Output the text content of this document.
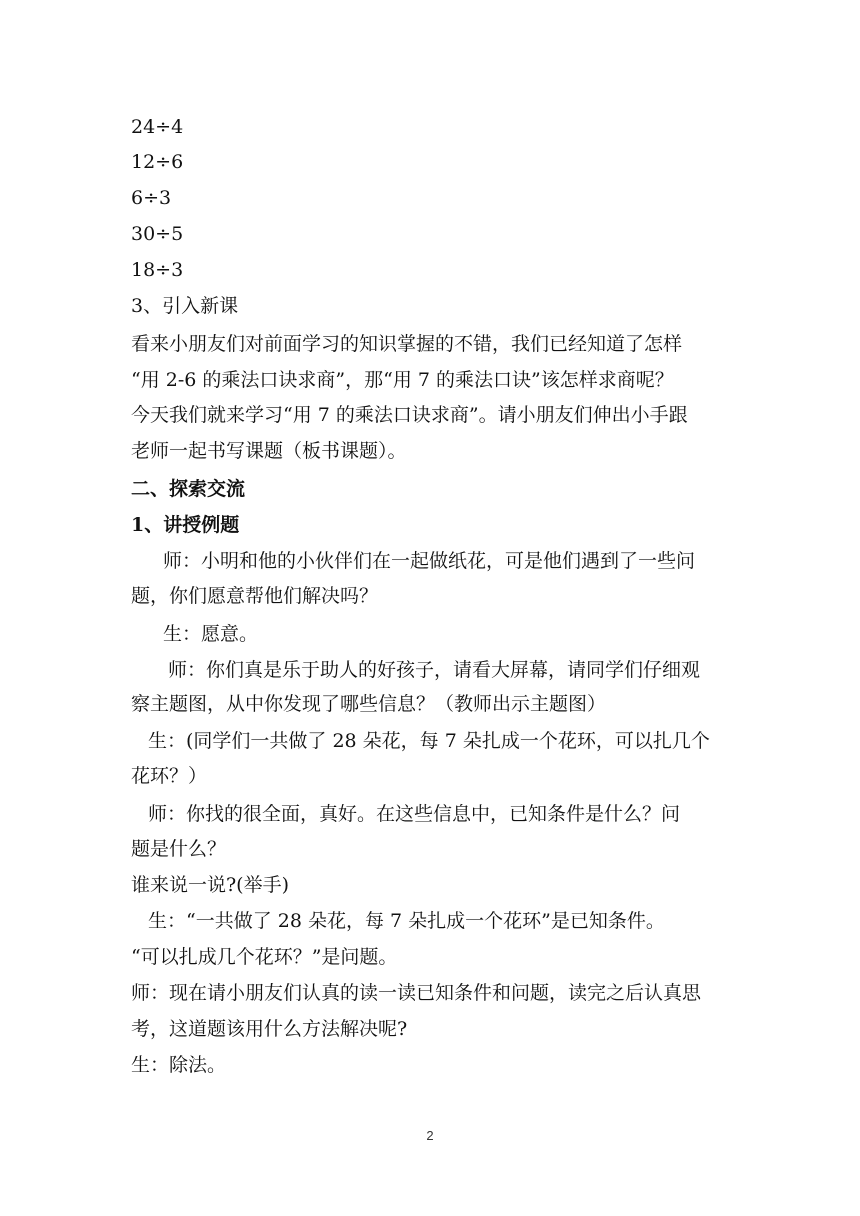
24÷4
12÷6
6÷3
30÷5
18÷3
3、引入新课
看来小朋友们对前面学习的知识掌握的不错，我们已经知道了怎样
“用 2-6 的乘法口诀求商”，那“用 7 的乘法口诀”该怎样求商呢？
今天我们就来学习“用 7 的乘法口诀求商”。请小朋友们伸出小手跟
老师一起书写课题（板书课题）。
二、探索交流
1、讲授例题
师：小明和他的小伙伴们在一起做纸花，可是他们遇到了一些问
题，你们愿意帮他们解决吗？
生：愿意。
师：你们真是乐于助人的好孩子，请看大屏幕，请同学们仔细观
察主题图，从中你发现了哪些信息？（教师出示主题图）
生：(同学们一共做了 28 朵花，每 7 朵扎成一个花环，可以扎几个
花环？）
师：你找的很全面，真好。在这些信息中，已知条件是什么？问
题是什么？
谁来说一说?(举手)
生：“一共做了 28 朵花，每 7 朵扎成一个花环”是已知条件。
“可以扎成几个花环？”是问题。
师：现在请小朋友们认真的读一读已知条件和问题，读完之后认真思
考，这道题该用什么方法解决呢?
生：除法。
2
